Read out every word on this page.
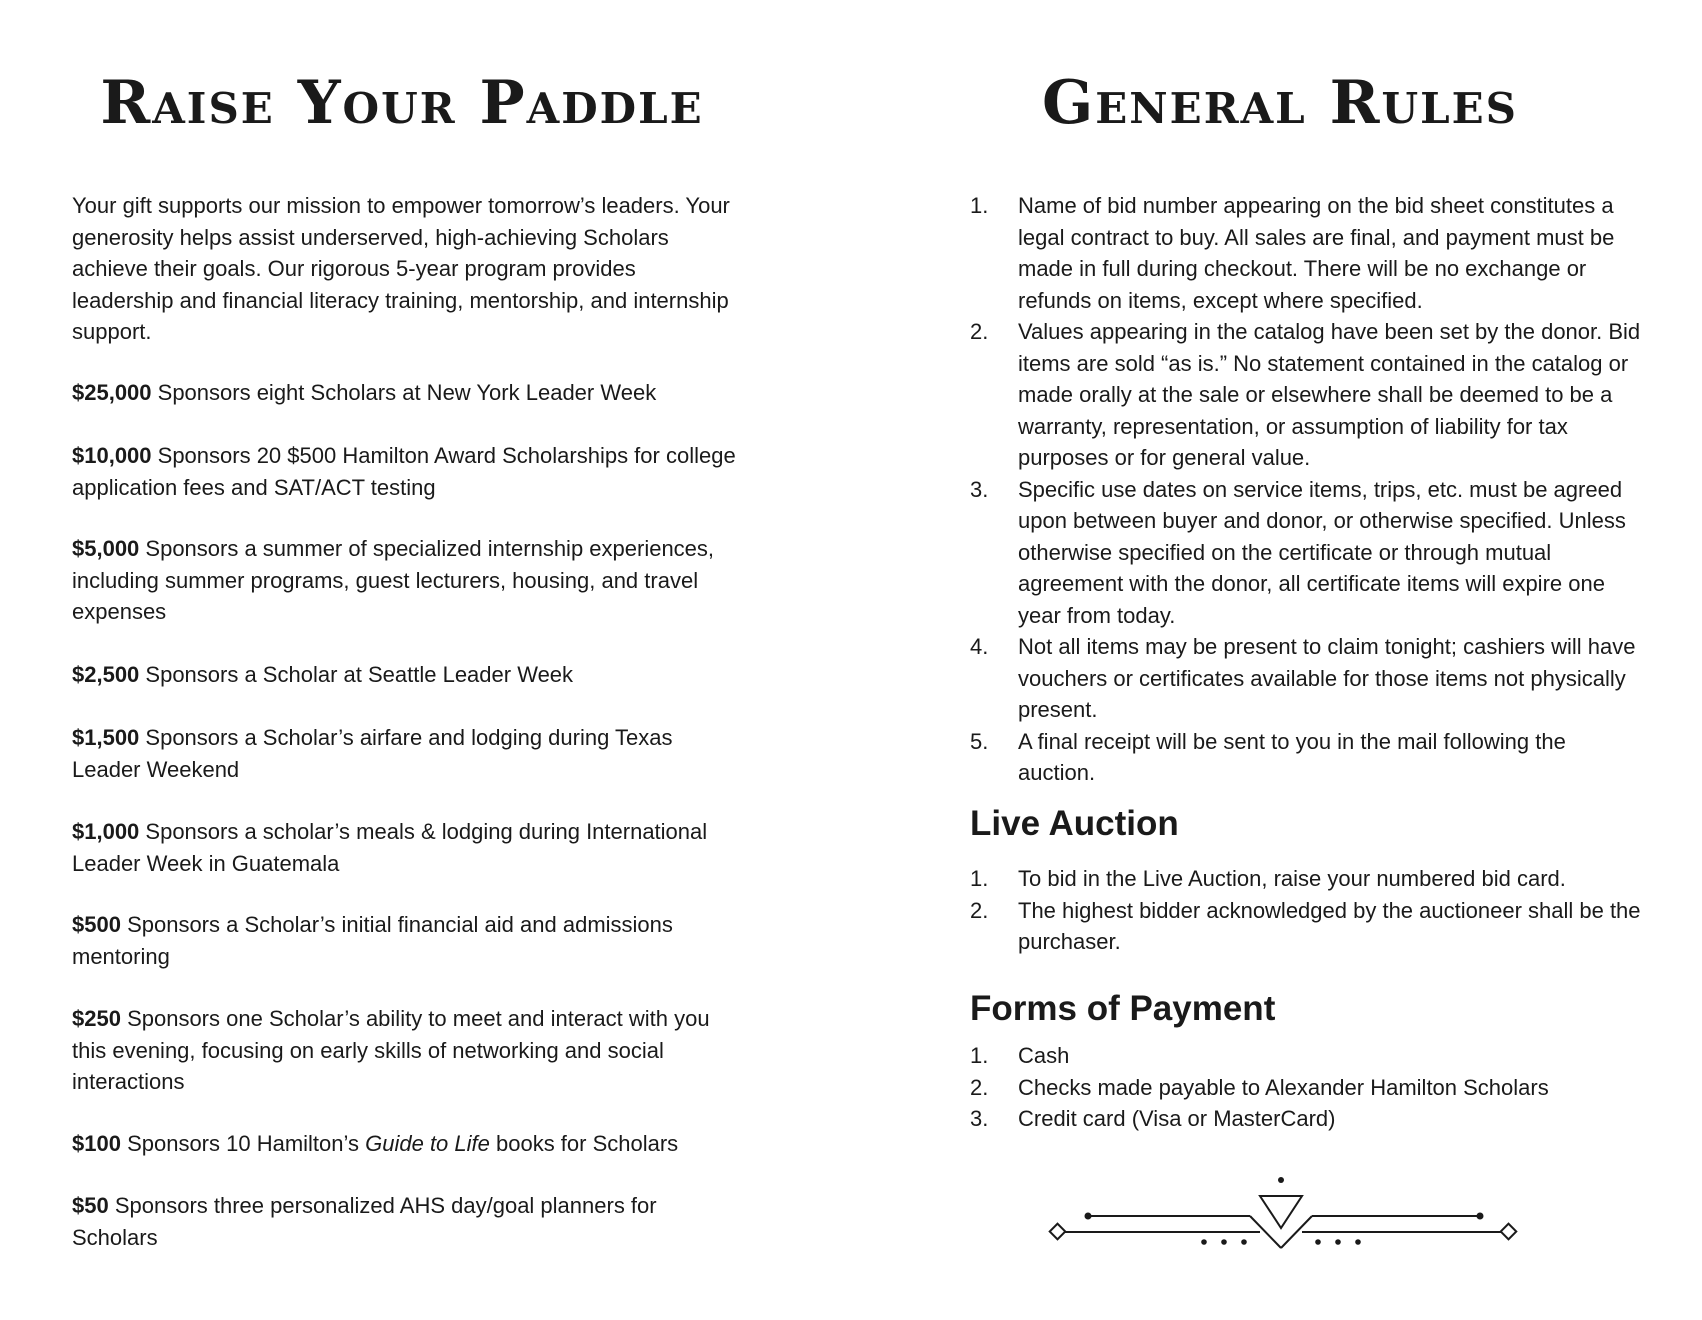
Raise Your Paddle

Your gift supports our mission to empower tomorrow’s leaders. Your generosity helps assist underserved, high-achieving Scholars achieve their goals. Our rigorous 5-year program provides leadership and financial literacy training, mentorship, and internship support.

$25,000 Sponsors eight Scholars at New York Leader Week

$10,000 Sponsors 20 $500 Hamilton Award Scholarships for college application fees and SAT/ACT testing

$5,000 Sponsors a summer of specialized internship experiences, including summer programs, guest lecturers, housing, and travel expenses

$2,500 Sponsors a Scholar at Seattle Leader Week

$1,500 Sponsors a Scholar’s airfare and lodging during Texas Leader Weekend

$1,000 Sponsors a scholar’s meals & lodging during International Leader Week in Guatemala

$500 Sponsors a Scholar’s initial financial aid and admissions mentoring

$250 Sponsors one Scholar’s ability to meet and interact with you this evening, focusing on early skills of networking and social interactions

$100 Sponsors 10 Hamilton’s Guide to Life books for Scholars

$50 Sponsors three personalized AHS day/goal planners for Scholars

General Rules
1. Name of bid number appearing on the bid sheet constitutes a legal contract to buy. All sales are final, and payment must be made in full during checkout. There will be no exchange or refunds on items, except where specified.
2. Values appearing in the catalog have been set by the donor. Bid items are sold “as is.” No statement contained in the catalog or made orally at the sale or elsewhere shall be deemed to be a warranty, representation, or assumption of liability for tax purposes or for general value.
3. Specific use dates on service items, trips, etc. must be agreed upon between buyer and donor, or otherwise specified. Unless otherwise specified on the certificate or through mutual agreement with the donor, all certificate items will expire one year from today.
4. Not all items may be present to claim tonight; cashiers will have vouchers or certificates available for those items not physically present.
5. A final receipt will be sent to you in the mail following the auction.
Live Auction
1. To bid in the Live Auction, raise your numbered bid card.
2. The highest bidder acknowledged by the auctioneer shall be the purchaser.
Forms of Payment
1. Cash
2. Checks made payable to Alexander Hamilton Scholars
3. Credit card (Visa or MasterCard)
